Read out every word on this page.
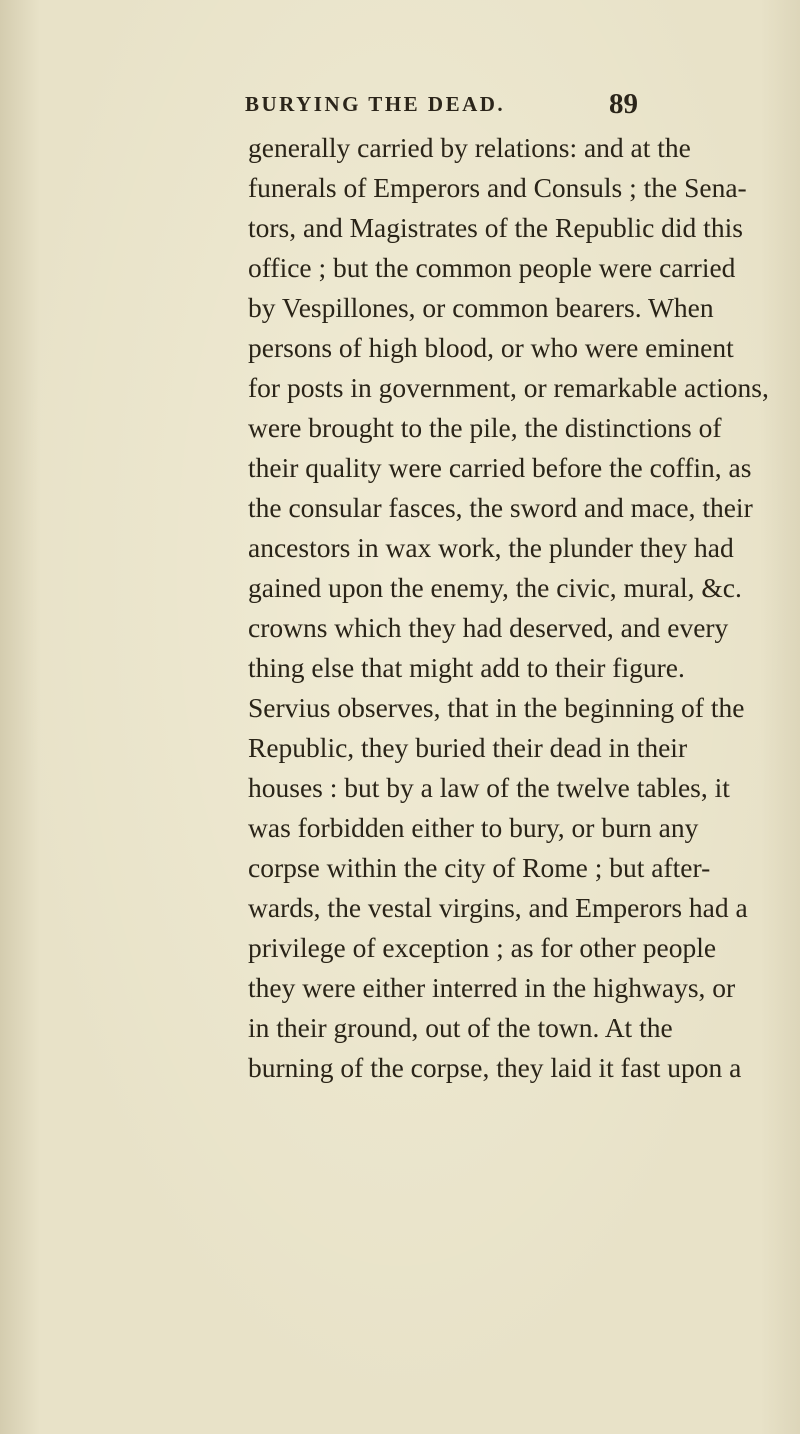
BURYING THE DEAD.	89
generally carried by relations: and at the
funerals of Emperors and Consuls ; the Sena-
tors, and Magistrates of the Republic did this
office ; but the common people were carried
by Vespillones, or common bearers. When
persons of high blood, or who were eminent
for posts in government, or remarkable actions,
were brought to the pile, the distinctions of
their quality were carried before the coffin, as
the consular fasces, the sword and mace, their
ancestors in wax work, the plunder they had
gained upon the enemy, the civic, mural, &c.
crowns which they had deserved, and every
thing else that might add to their figure.
Servius observes, that in the beginning of the
Republic, they buried their dead in their
houses : but by a law of the twelve tables, it
was forbidden either to bury, or burn any
corpse within the city of Rome ; but after-
wards, the vestal virgins, and Emperors had a
privilege of exception ; as for other people
they were either interred in the highways, or
in their ground, out of the town. At the
burning of the corpse, they laid it fast upon a
